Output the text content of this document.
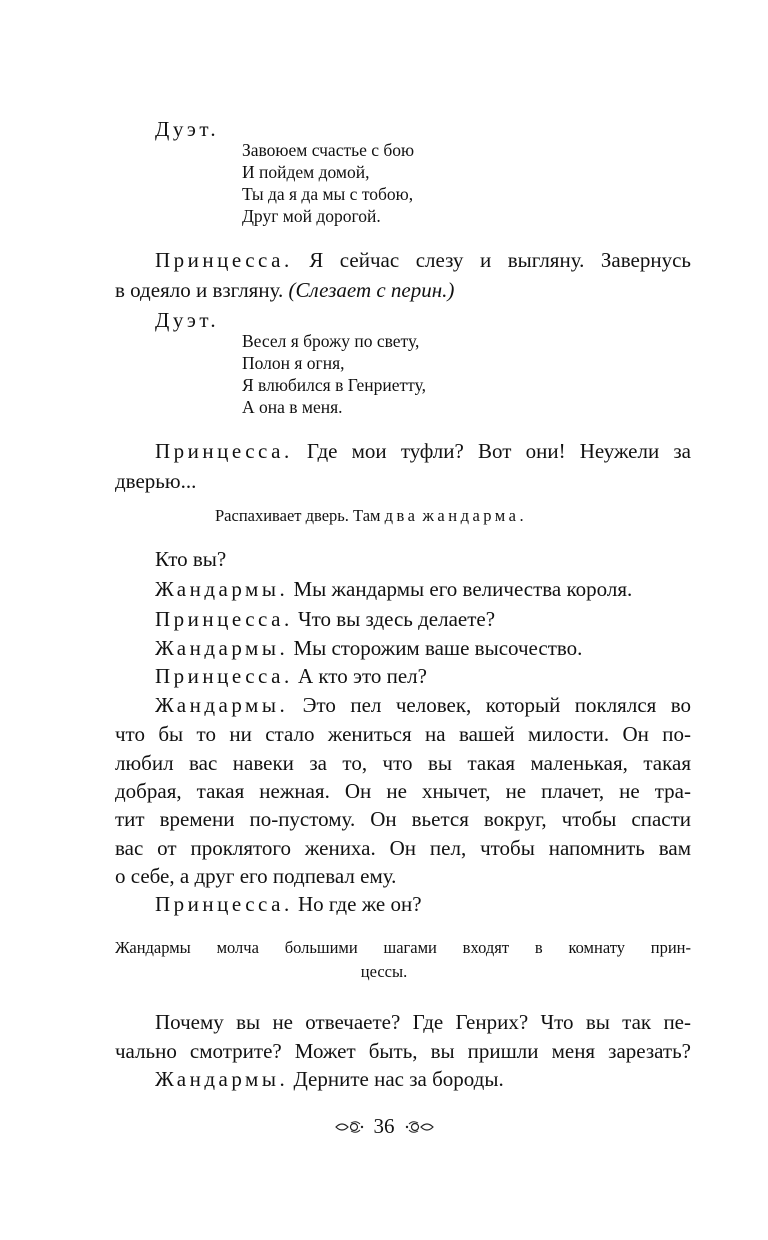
Дуэт.
Завоюем счастье с бою
И пойдем домой,
Ты да я да мы с тобою,
Друг мой дорогой.
Принцесса. Я сейчас слезу и выгляну. Завернусь
в одеяло и взгляну. (Слезает с перин.)
Дуэт.
Весел я брожу по свету,
Полон я огня,
Я влюбился в Генриетту,
А она в меня.
Принцесса. Где мои туфли? Вот они! Неужели за
дверью...
Распахивает дверь. Там два жандарма.
Кто вы?
Жандармы. Мы жандармы его величества короля.
Принцесса. Что вы здесь делаете?
Жандармы. Мы сторожим ваше высочество.
Принцесса. А кто это пел?
Жандармы. Это пел человек, который поклялся во
что бы то ни стало жениться на вашей милости. Он по-
любил вас навеки за то, что вы такая маленькая, такая
добрая, такая нежная. Он не хнычет, не плачет, не тра-
тит времени по-пустому. Он вьется вокруг, чтобы спасти
вас от проклятого жениха. Он пел, чтобы напомнить вам
о себе, а друг его подпевал ему.
Принцесса. Но где же он?
Жандармы молча большими шагами входят в комнату прин-
цессы.
Почему вы не отвечаете? Где Генрих? Что вы так пе-
чально смотрите? Может быть, вы пришли меня зарезать?
Жандармы. Дерните нас за бороды.
36
